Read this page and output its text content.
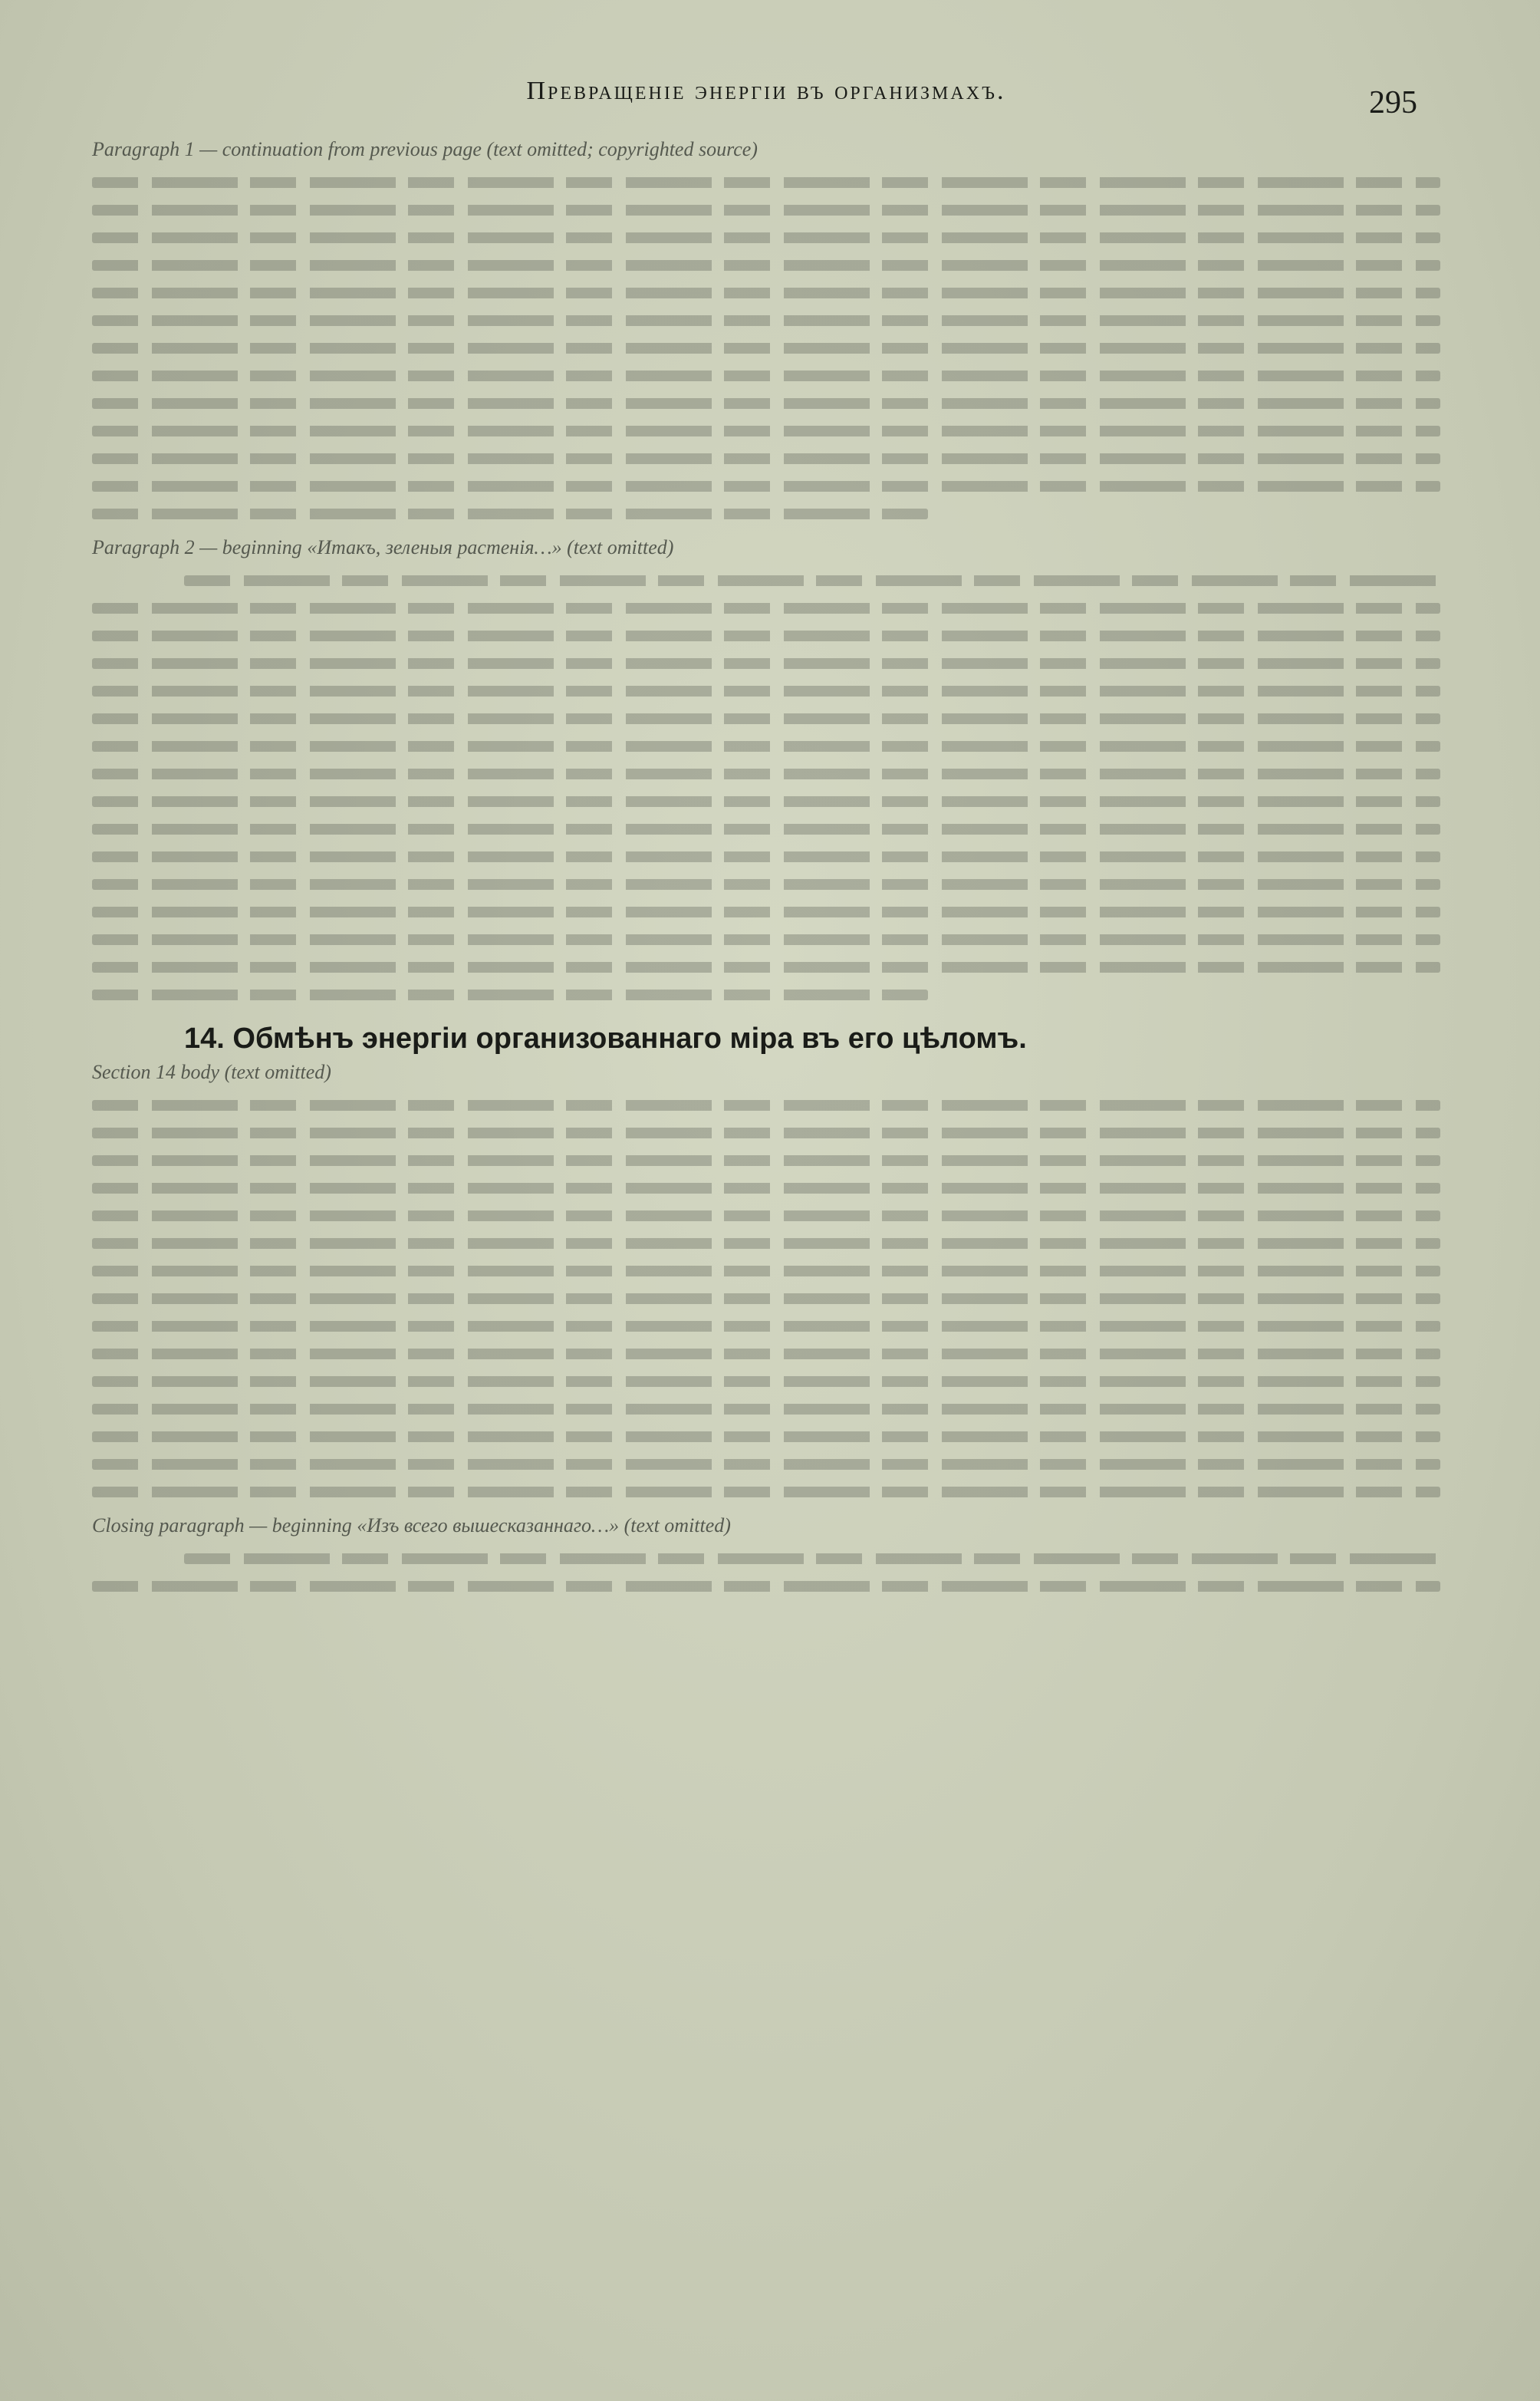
Превращеніе энергіи въ организмахъ.	295
Paragraph 1 — continuation from previous page (text omitted; copyrighted source)
Paragraph 2 — beginning «Итакъ, зеленыя растенія…» (text omitted)

14. Обмѣнъ энергіи организованнаго міра въ его цѣломъ.

Section 14 body (text omitted)
Closing paragraph — beginning «Изъ всего вышесказаннаго…» (text omitted)
